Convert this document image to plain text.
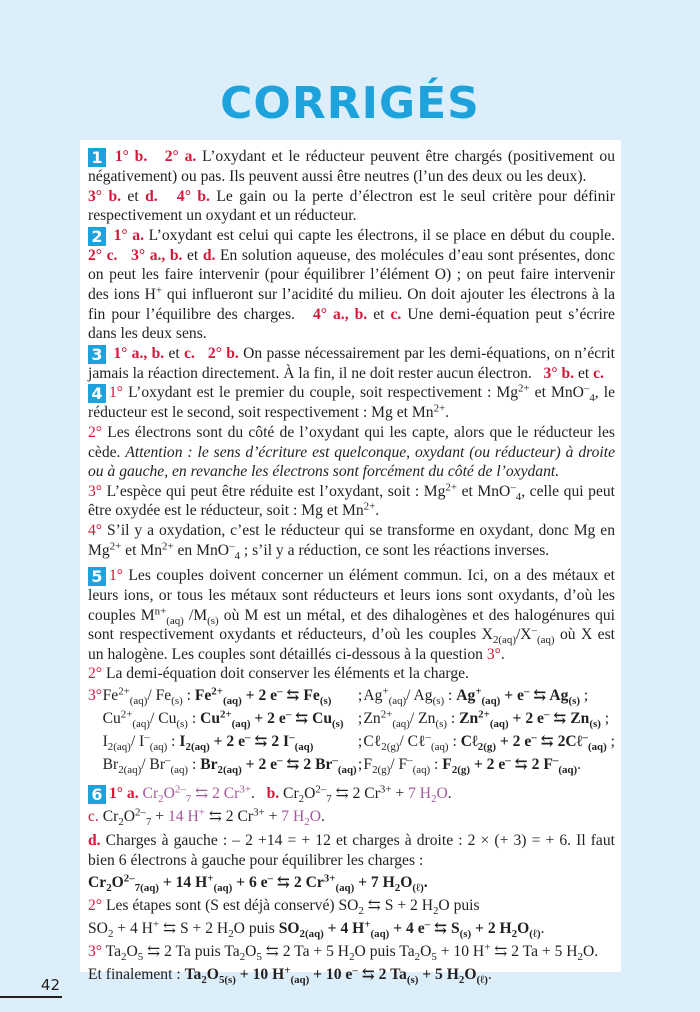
CORRIGÉS

1 1° b. 2° a. L’oxydant et le réducteur peuvent être chargés (positivement ou négativement) ou pas. Ils peuvent aussi être neutres (l’un des deux ou les deux).
3° b. et d. 4° b. Le gain ou la perte d’électron est le seul critère pour définir respectivement un oxydant et un réducteur.

2 1° a. L’oxydant est celui qui capte les électrons, il se place en début du couple. 2° c. 3° a., b. et d. En solution aqueuse, des molécules d’eau sont présentes, donc on peut les faire intervenir (pour équilibrer l’élément O) ; on peut faire intervenir des ions H+ qui influeront sur l’acidité du milieu. On doit ajouter les électrons à la fin pour l’équilibre des charges. 4° a., b. et c. Une demi-équation peut s’écrire dans les deux sens.

3 1° a., b. et c. 2° b. On passe nécessairement par les demi-équations, on n’écrit jamais la réaction directement. À la fin, il ne doit rester aucun électron. 3° b. et c.

4 1° L’oxydant est le premier du couple, soit respectivement : $Mg^{2+}$ et MnO–$_4$, le réducteur est le second, soit respectivement : Mg et $Mn^{2+}$.

2° Les électrons sont du côté de l’oxydant qui les capte, alors que le réducteur les cède. Attention : le sens d’écriture est quelconque, oxydant (ou réducteur) à droite ou à gauche, en revanche les électrons sont forcément du côté de l’oxydant.

3° L’espèce qui peut être réduite est l’oxydant, soit : $Mg^{2+}$ et MnO–$_4$, celle qui peut être oxydée est le réducteur, soit : Mg et $Mn^{2+}$.

4° S’il y a oxydation, c’est le réducteur qui se transforme en oxydant, donc Mg en $Mg^{2+}$ et $Mn^{2+}$ en MnO–$_4$ ; s’il y a réduction, ce sont les réactions inverses.

5 1° Les couples doivent concerner un élément commun. Ici, on a des métaux et leurs ions, or tous les métaux sont réducteurs et leurs ions sont oxydants, d’où les couples $M^{n+}_{(aq)}$ $/M_{(s)}$ où M est un métal, et des dihalogènes et des halogénures qui sont respectivement oxydants et réducteurs, d’où les couples $X_{2(aq)}/X^-_{(aq)}$ où X est un halogène. Les couples sont détaillés ci-dessous à la question 3°.

2° La demi-équation doit conserver les éléments et la charge.

3°	$Fe^{2+}_{(aq)}/$ $Fe_{(s)}$ : $Fe^{2+}_{(aq)} + 2$ e– ⇆ $Fe_{(s)}$	;	$Ag^+_{(aq)}/$ $Ag_{(s)}$ : $Ag^+_{(aq)} + e^-$ ⇆ $Ag_{(s)}$ ;
	$Cu^{2+}_{(aq)}/$ $Cu_{(s)}$ : $Cu^{2+}_{(aq)} + 2$ e– ⇆ $Cu_{(s)}$	;	$Zn^{2+}_{(aq)}/$ $Zn_{(s)}$ : $Zn^{2+}_{(aq)} + 2$ e– ⇆ $Zn_{(s)}$ ;
	$I_{2(aq)}/$ $I^-_{(aq)}$ : $I_{2(aq)} + 2$ e– ⇆ 2 $I^-_{(aq)}$	;	Cℓ$_{2(g)}$/ Cℓ–$_{(aq)}$ : Cℓ$_{2(g)}$ + 2 e– ⇆ 2Cℓ–$_{(aq)}$ ;
	$Br_{2(aq)}/$ $Br^-_{(aq)}$ : $Br_{2(aq)} + 2$ e– ⇆ 2 $Br^-_{(aq)}$	;	$F_{2(g)}/$ $F^-_{(aq)}$ : $F_{2(g)} + 2$ e– ⇆ 2 $F^-_{(aq)}$.

6 1° a. $Cr_2O^{2-}_7$ ⇆ 2 $Cr^{3+}$.   b. $Cr_2O^{2-}_7$ ⇆ 2 $Cr^{3+} + 7$ $H_2O$.

c. $Cr_2O^{2-}_7 + 14$ H+ ⇆ 2 $Cr^{3+} + 7$ $H_2O$.

d. Charges à gauche : – 2 +14 = + 12 et charges à droite : 2 × (+ 3) = + 6. Il faut bien 6 électrons à gauche pour équilibrer les charges :

$Cr_2O^{2-}_{7(aq)} + 14$ $H^+_{(aq)} + 6$ e– ⇆ 2 $Cr^{3+}_{(aq)} + 7$ $H_2O_{(\ell)}$.

2° Les étapes sont (S est déjà conservé) $SO_2$ ⇆ S + 2 $H_2O$ puis

$SO_2 + 4$ H+ ⇆ S + 2 $H_2O$ puis $SO_{2(aq)} + 4$ $H^+_{(aq)} + 4$ e– ⇆ $S_{(s)} + 2$ $H_2O_{(\ell)}$.

3° $Ta_2O_5$ ⇆ 2 Ta puis $Ta_2O_5$ ⇆ 2 Ta + 5 $H_2O$ puis $Ta_2O_5 + 10$ H+ ⇆ 2 Ta + 5 $H_2O$.

Et finalement : $Ta_2O_{5(s)} + 10$ $H^+_{(aq)} + 10$ e– ⇆ 2 $Ta_{(s)} + 5$ $H_2O_{(\ell)}$.

42
